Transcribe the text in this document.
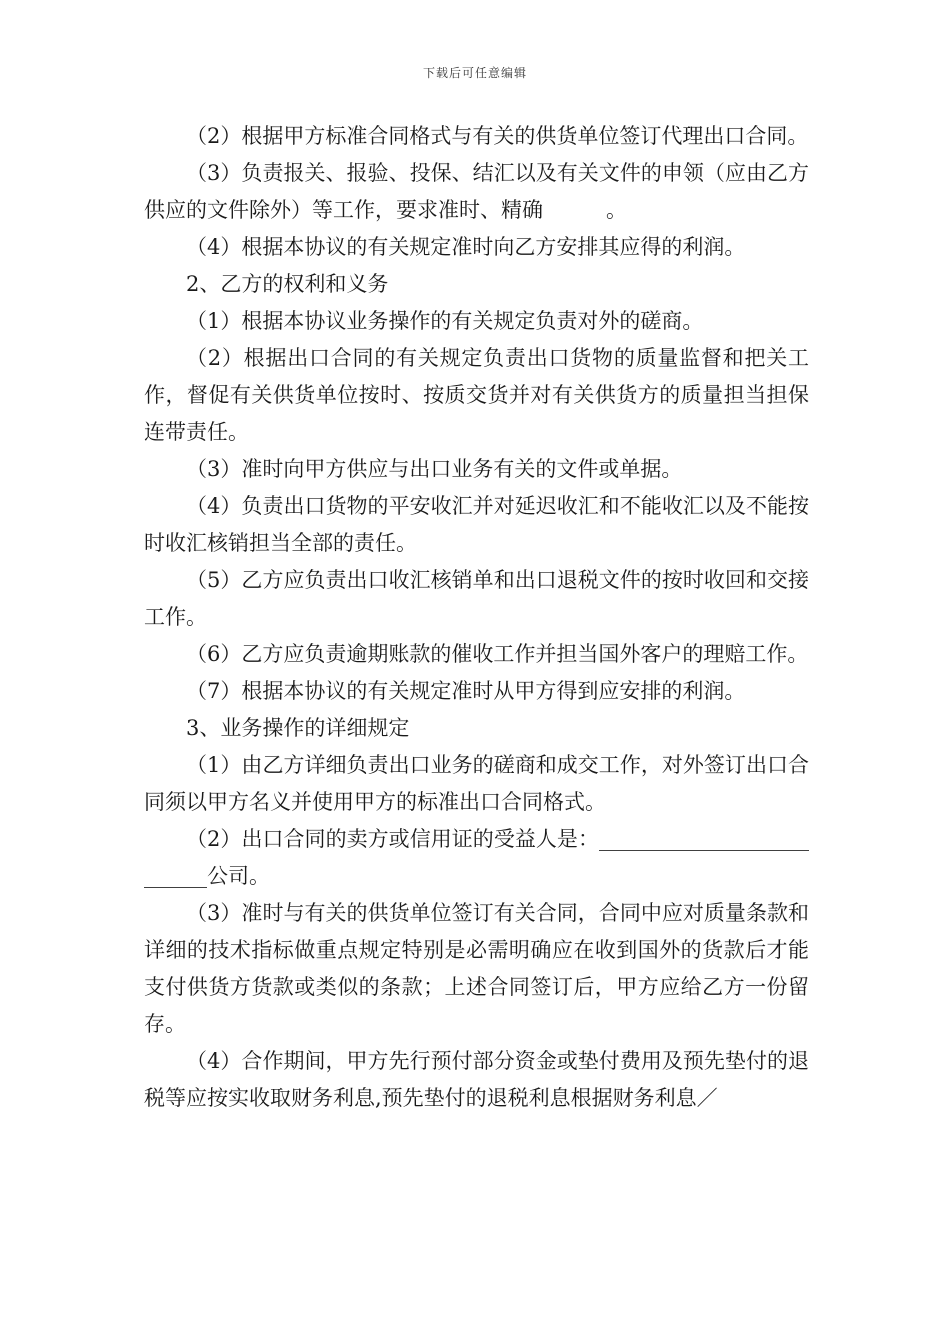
下载后可任意编辑

（2）根据甲方标准合同格式与有关的供货单位签订代理出口合同。

（3）负责报关、报验、投保、结汇以及有关文件的申领（应由乙方供应的文件除外）等工作，要求准时、精确　　　。

（4）根据本协议的有关规定准时向乙方安排其应得的利润。

2、乙方的权利和义务

（1）根据本协议业务操作的有关规定负责对外的磋商。

（2）根据出口合同的有关规定负责出口货物的质量监督和把关工作，督促有关供货单位按时、按质交货并对有关供货方的质量担当担保连带责任。

（3）准时向甲方供应与出口业务有关的文件或单据。

（4）负责出口货物的平安收汇并对延迟收汇和不能收汇以及不能按时收汇核销担当全部的责任。

（5）乙方应负责出口收汇核销单和出口退税文件的按时收回和交接工作。

（6）乙方应负责逾期账款的催收工作并担当国外客户的理赔工作。

（7）根据本协议的有关规定准时从甲方得到应安排的利润。

3、业务操作的详细规定

（1）由乙方详细负责出口业务的磋商和成交工作，对外签订出口合同须以甲方名义并使用甲方的标准出口合同格式。

（2）出口合同的卖方或信用证的受益人是：__________________________公司。

（3）准时与有关的供货单位签订有关合同，合同中应对质量条款和详细的技术指标做重点规定特别是必需明确应在收到国外的货款后才能支付供货方货款或类似的条款；上述合同签订后，甲方应给乙方一份留存。

（4）合作期间，甲方先行预付部分资金或垫付费用及预先垫付的退税等应按实收取财务利息,预先垫付的退税利息根据财务利息／
